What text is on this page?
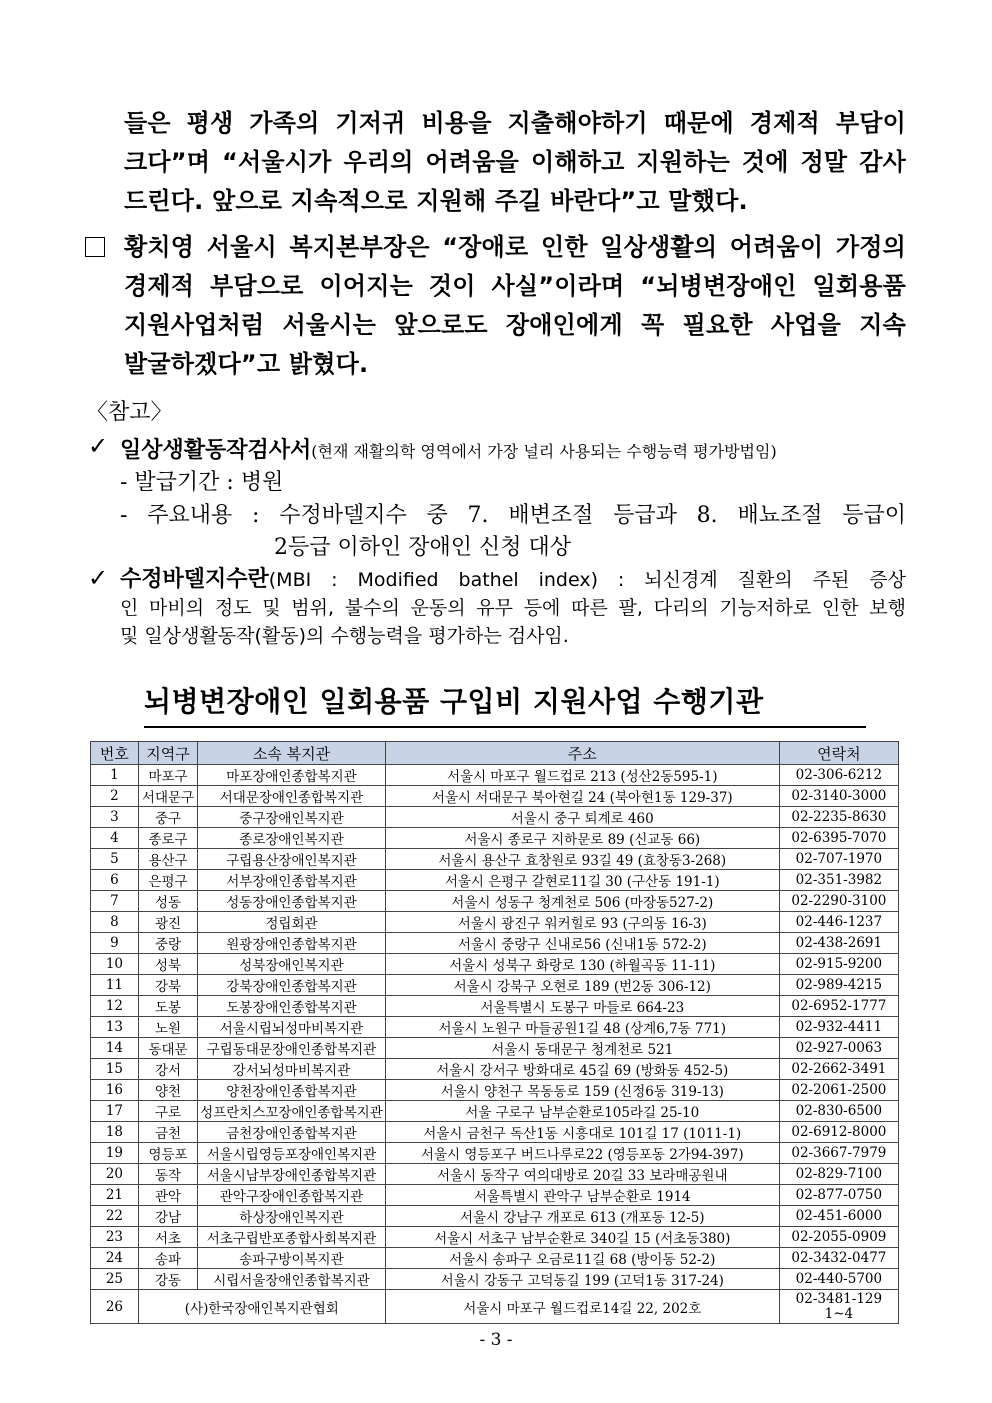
들은 평생 가족의 기저귀 비용을 지출해야하기 때문에 경제적 부담이
크다”며 “서울시가 우리의 어려움을 이해하고 지원하는 것에 정말 감사
드린다. 앞으로 지속적으로 지원해 주길 바란다”고 말했다.
황치영 서울시 복지본부장은 “장애로 인한 일상생활의 어려움이 가정의
경제적 부담으로 이어지는 것이 사실”이라며 “뇌병변장애인 일회용품
지원사업처럼 서울시는 앞으로도 장애인에게 꼭 필요한 사업을 지속
발굴하겠다”고 밝혔다.
〈참고〉
✓ 일상생활동작검사서(현재 재활의학 영역에서 가장 널리 사용되는 수행능력 평가방법임)
- 발급기간 : 병원
- 주요내용 : 수정바델지수 중 7. 배변조절 등급과 8. 배뇨조절 등급이
2등급 이하인 장애인 신청 대상
✓ 수정바델지수란(MBI : Modified bathel index) : 뇌신경계 질환의 주된 증상
인 마비의 정도 및 범위, 불수의 운동의 유무 등에 따른 팔, 다리의 기능저하로 인한 보행
및 일상생활동작(활동)의 수행능력을 평가하는 검사임.
뇌병변장애인 일회용품 구입비 지원사업 수행기관
번호	지역구	소속 복지관	주소	연락처
1	마포구	마포장애인종합복지관	서울시 마포구 월드컵로 213 (성산2동595-1)	02-306-6212
2	서대문구	서대문장애인종합복지관	서울시 서대문구 북아현길 24 (북아현1동 129-37)	02-3140-3000
3	중구	중구장애인복지관	서울시 중구 퇴계로 460	02-2235-8630
4	종로구	종로장애인복지관	서울시 종로구 지하문로 89 (신교동 66)	02-6395-7070
5	용산구	구립용산장애인복지관	서울시 용산구 효창원로 93길 49 (효창동3-268)	02-707-1970
6	은평구	서부장애인종합복지관	서울시 은평구 갈현로11길 30 (구산동 191-1)	02-351-3982
7	성동	성동장애인종합복지관	서울시 성동구 청계천로 506 (마장동527-2)	02-2290-3100
8	광진	정립회관	서울시 광진구 워커힐로 93 (구의동 16-3)	02-446-1237
9	중랑	원광장애인종합복지관	서울시 중랑구 신내로56 (신내1동 572-2)	02-438-2691
10	성북	성북장애인복지관	서울시 성북구 화랑로 130 (하월곡동 11-11)	02-915-9200
11	강북	강북장애인종합복지관	서울시 강북구 오현로 189 (번2동 306-12)	02-989-4215
12	도봉	도봉장애인종합복지관	서울특별시 도봉구 마들로 664-23	02-6952-1777
13	노원	서울시립뇌성마비복지관	서울시 노원구 마들공원1길 48 (상계6,7동 771)	02-932-4411
14	동대문	구립동대문장애인종합복지관	서울시 동대문구 청계천로 521	02-927-0063
15	강서	강서뇌성마비복지관	서울시 강서구 방화대로 45길 69 (방화동 452-5)	02-2662-3491
16	양천	양천장애인종합복지관	서울시 양천구 목동동로 159 (신정6동 319-13)	02-2061-2500
17	구로	성프란치스꼬장애인종합복지관	서울 구로구 남부순환로105라길 25-10	02-830-6500
18	금천	금천장애인종합복지관	서울시 금천구 독산1동 시흥대로 101길 17 (1011-1)	02-6912-8000
19	영등포	서울시립영등포장애인복지관	서울시 영등포구 버드나루로22 (영등포동 2가94-397)	02-3667-7979
20	동작	서울시남부장애인종합복지관	서울시 동작구 여의대방로 20길 33 보라매공원내	02-829-7100
21	관악	관악구장애인종합복지관	서울특별시 관악구 남부순환로 1914	02-877-0750
22	강남	하상장애인복지관	서울시 강남구 개포로 613 (개포동 12-5)	02-451-6000
23	서초	서초구립반포종합사회복지관	서울시 서초구 남부순환로 340길 15 (서초동380)	02-2055-0909
24	송파	송파구방이복지관	서울시 송파구 오금로11길 68 (방이동 52-2)	02-3432-0477
25	강동	시립서울장애인종합복지관	서울시 강동구 고덕동길 199 (고덕1동 317-24)	02-440-5700
26	(사)한국장애인복지관협회		서울시 마포구 월드컵로14길 22, 202호	02-3481-129 1~4
- 3 -
